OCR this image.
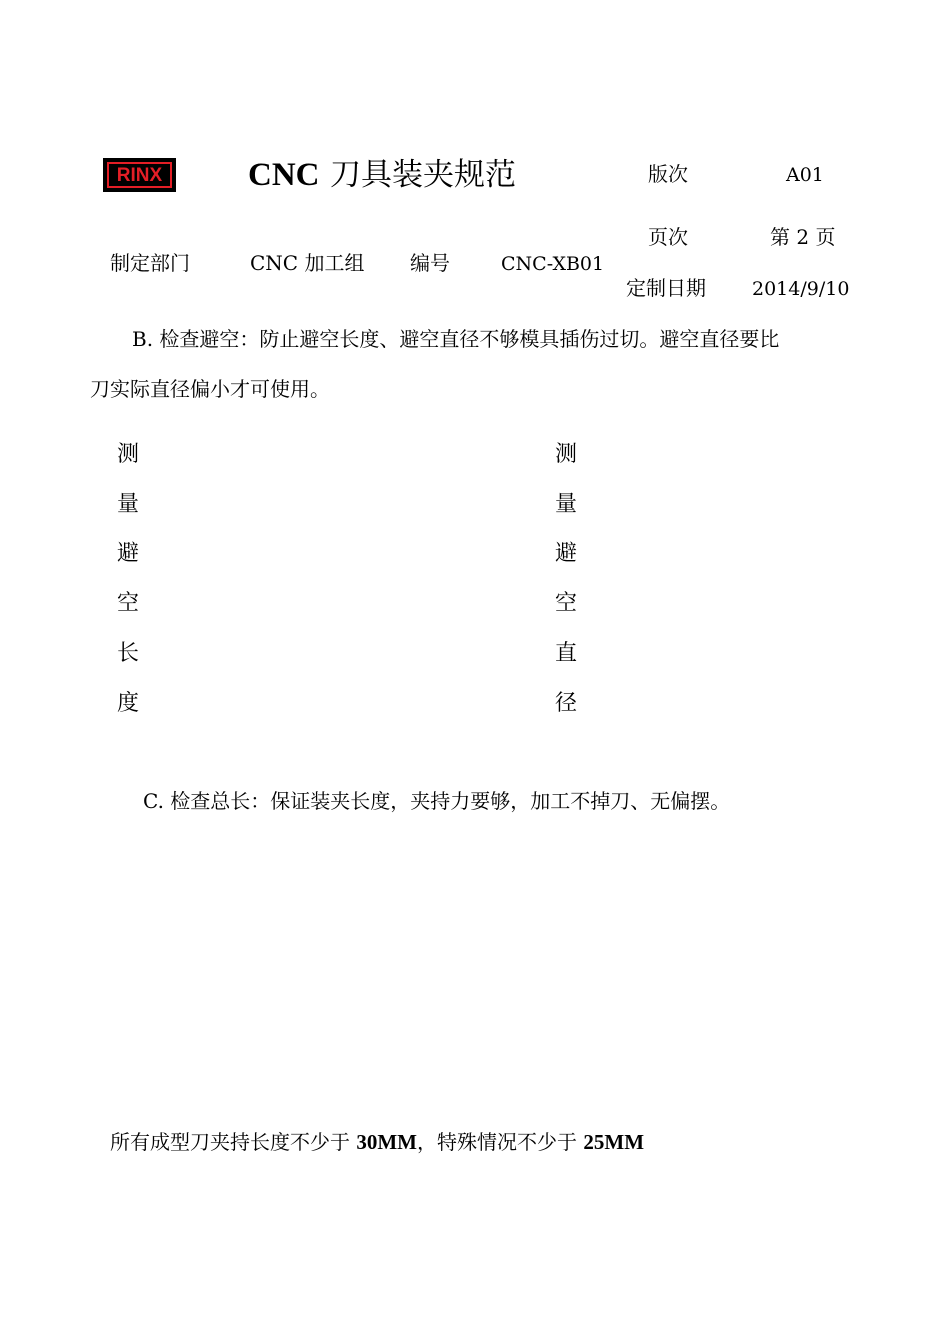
RINX	CNC 刀具装夹规范	版次	A01
页次	第 2 页
制定部门	CNC 加工组 编号	CNC-XB01
定制日期 2014/9/10
B. 检查避空：防止避空长度、避空直径不够模具插伤过切。避空直径要比
刀实际直径偏小才可使用。
测
量
避
空
长
度
测
量
避
空
直
径
C. 检查总长：保证装夹长度，夹持力要够，加工不掉刀、无偏摆。
所有成型刀夹持长度不少于 30MM，特殊情况不少于 25MM
